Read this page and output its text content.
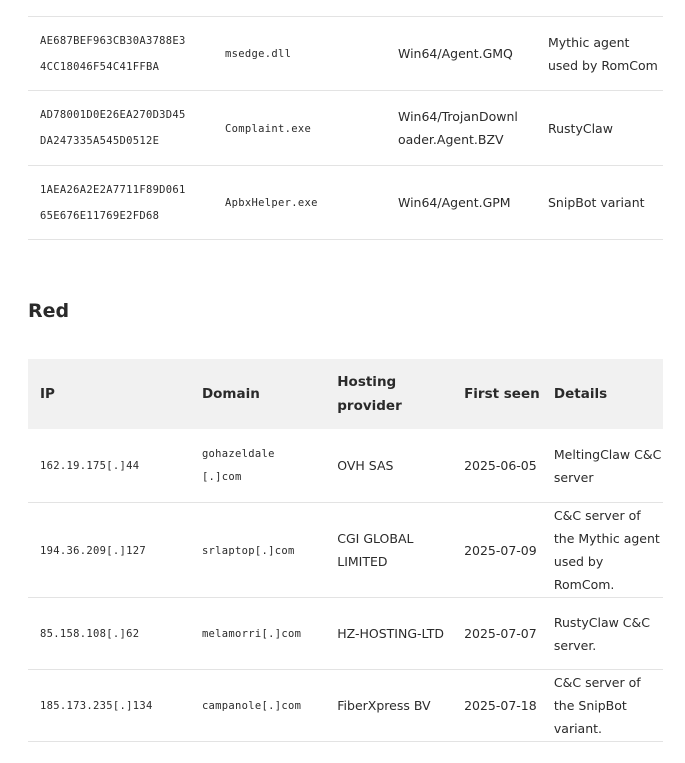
AE687BEF963CB30A3788E34CC18046F54C41FFBA	msedge.dll	Win64/Agent.GMQ	Mythic agent used by RomCom

AD78001D0E26EA270D3D45DA247335A545D0512E	Complaint.exe	Win64/TrojanDownloader.Agent.BZV	RustyClaw

1AEA26A2E2A7711F89D06165E676E11769E2FD68	ApbxHelper.exe	Win64/Agent.GPM	SnipBot variant
Red
IP	Domain	Hosting provider	First seen	Details
162.19.175[.]44	gohazeldale[.]com	OVH SAS	2025-06-05	MeltingClaw C&C server
194.36.209[.]127	srlaptop[.]com	CGI GLOBAL LIMITED	2025-07-09	C&C server of the Mythic agent used by RomCom.
85.158.108[.]62	melamorri[.]com	HZ-HOSTING-LTD	2025-07-07	RustyClaw C&C server.
185.173.235[.]134	campanole[.]com	FiberXpress BV	2025-07-18	C&C server of the SnipBot variant.
